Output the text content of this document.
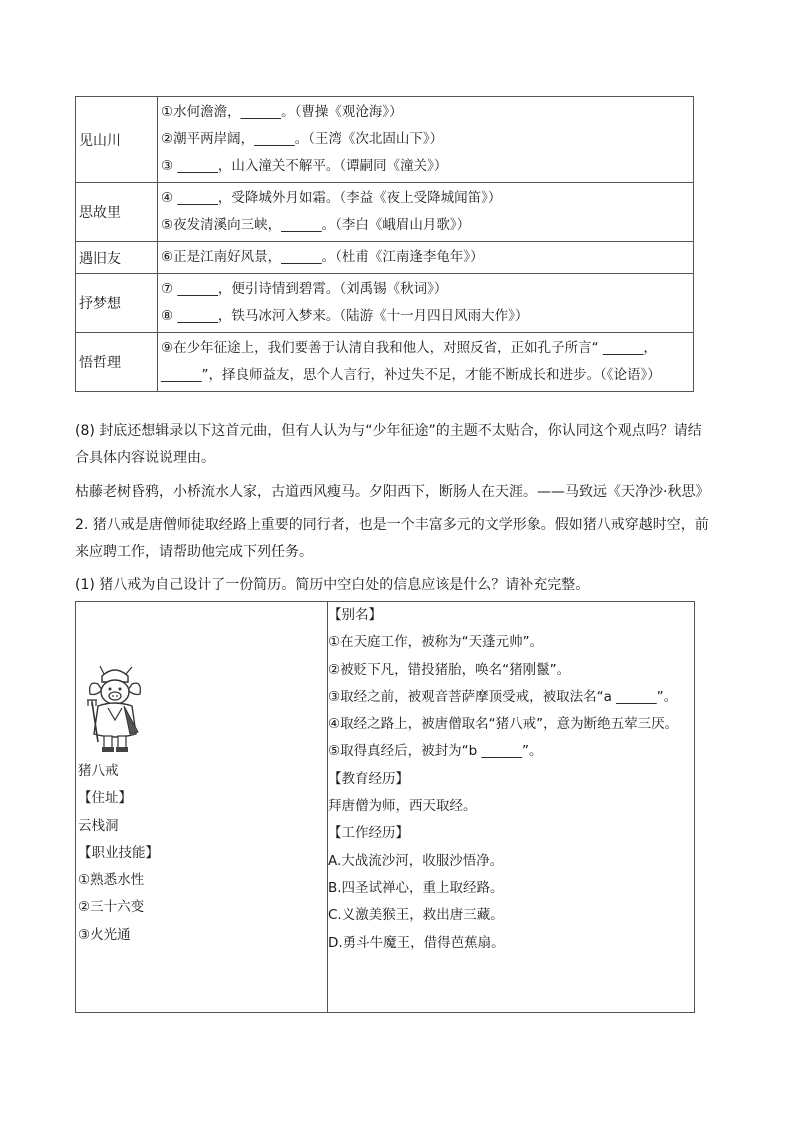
见山川	①水何澹澹，______。（曹操《观沧海》）
②潮平两岸阔，______。（王湾《次北固山下》）
③ ______，山入潼关不解平。（谭嗣同《潼关》）

思故里	④ ______，受降城外月如霜。（李益《夜上受降城闻笛》）
⑤夜发清溪向三峡，______。（李白《峨眉山月歌》）

遇旧友	⑥正是江南好风景，______。（杜甫《江南逢李龟年》）

抒梦想	⑦ ______，便引诗情到碧霄。（刘禹锡《秋词》）
⑧ ______，铁马冰河入梦来。（陆游《十一月四日风雨大作》）

悟哲理	⑨在少年征途上，我们要善于认清自我和他人，对照反省，正如孔子所言“ ______，______”，择良师益友，思个人言行，补过失不足，才能不断成长和进步。（《论语》）
(8) 封底还想辑录以下这首元曲，但有人认为与“少年征途”的主题不太贴合，你认同这个观点吗？请结合具体内容说说理由。
枯藤老树昏鸦，小桥流水人家，古道西风瘦马。夕阳西下，断肠人在天涯。——马致远《天净沙·秋思》
2. 猪八戒是唐僧师徒取经路上重要的同行者，也是一个丰富多元的文学形象。假如猪八戒穿越时空，前来应聘工作，请帮助他完成下列任务。
(1) 猪八戒为自己设计了一份简历。简历中空白处的信息应该是什么？请补充完整。
猪八戒
【住址】
云栈洞
【职业技能】
①熟悉水性
②三十六变
③火光通

【别名】
①在天庭工作，被称为“天蓬元帅”。
②被贬下凡，错投猪胎，唤名“猪刚鬣”。
③取经之前，被观音菩萨摩顶受戒，被取法名“a ______”。
④取经之路上，被唐僧取名“猪八戒”，意为断绝五荤三厌。
⑤取得真经后，被封为“b ______”。
【教育经历】
拜唐僧为师，西天取经。
【工作经历】
A.大战流沙河，收服沙悟净。
B.四圣试禅心，重上取经路。
C.义激美猴王，救出唐三藏。
D.勇斗牛魔王，借得芭蕉扇。
